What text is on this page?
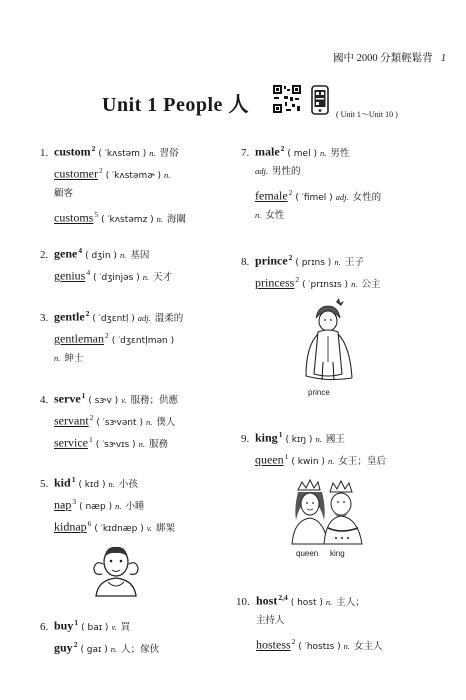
國中 2000 分類輕鬆背 1
Unit 1 People 人	( Unit 1～Unit 10 )
1. custom$^2$( ′kʌstəm ) n. 習俗
customer$^2$( ′kʌstəmɚ ) n.
顧客
customs$^5$( ′kʌstəmz ) n. 海關
2. gene$^4$( dʒin ) n. 基因
genius$^4$( ′dʒinjəs ) n. 天才
3. gentle$^2$( ′dʒɛntḷ ) adj. 溫柔的
gentleman$^2$( ′dʒɛntḷmən )
n. 紳士
4. serve$^1$( sɝv ) v. 服務；供應
servant$^2$( ′sɝvənt ) n. 僕人
service$^1$( ′sɝvɪs ) n. 服務
5. kid$^1$( kɪd ) n. 小孩
nap$^3$( næp ) n. 小睡
kidnap$^6$( ′kɪdnæp ) v. 綁架
6. buy$^1$( baɪ ) v. 買
guy$^2$( gaɪ ) n. 人；傢伙
7. male$^2$( mel ) n. 男性
adj. 男性的
female$^2$( ′fimel ) adj. 女性的
n. 女性
8. prince$^2$( prɪns ) n. 王子
princess$^2$( ′prɪnsɪs ) n. 公主
prince
9. king$^1$( kɪŋ ) n. 國王
queen$^1$( kwin ) n. 女王；皇后
queen king
10. host$^{2,4}$( host ) n. 主人；
主持人
hostess$^2$( ′hostɪs ) n. 女主人
